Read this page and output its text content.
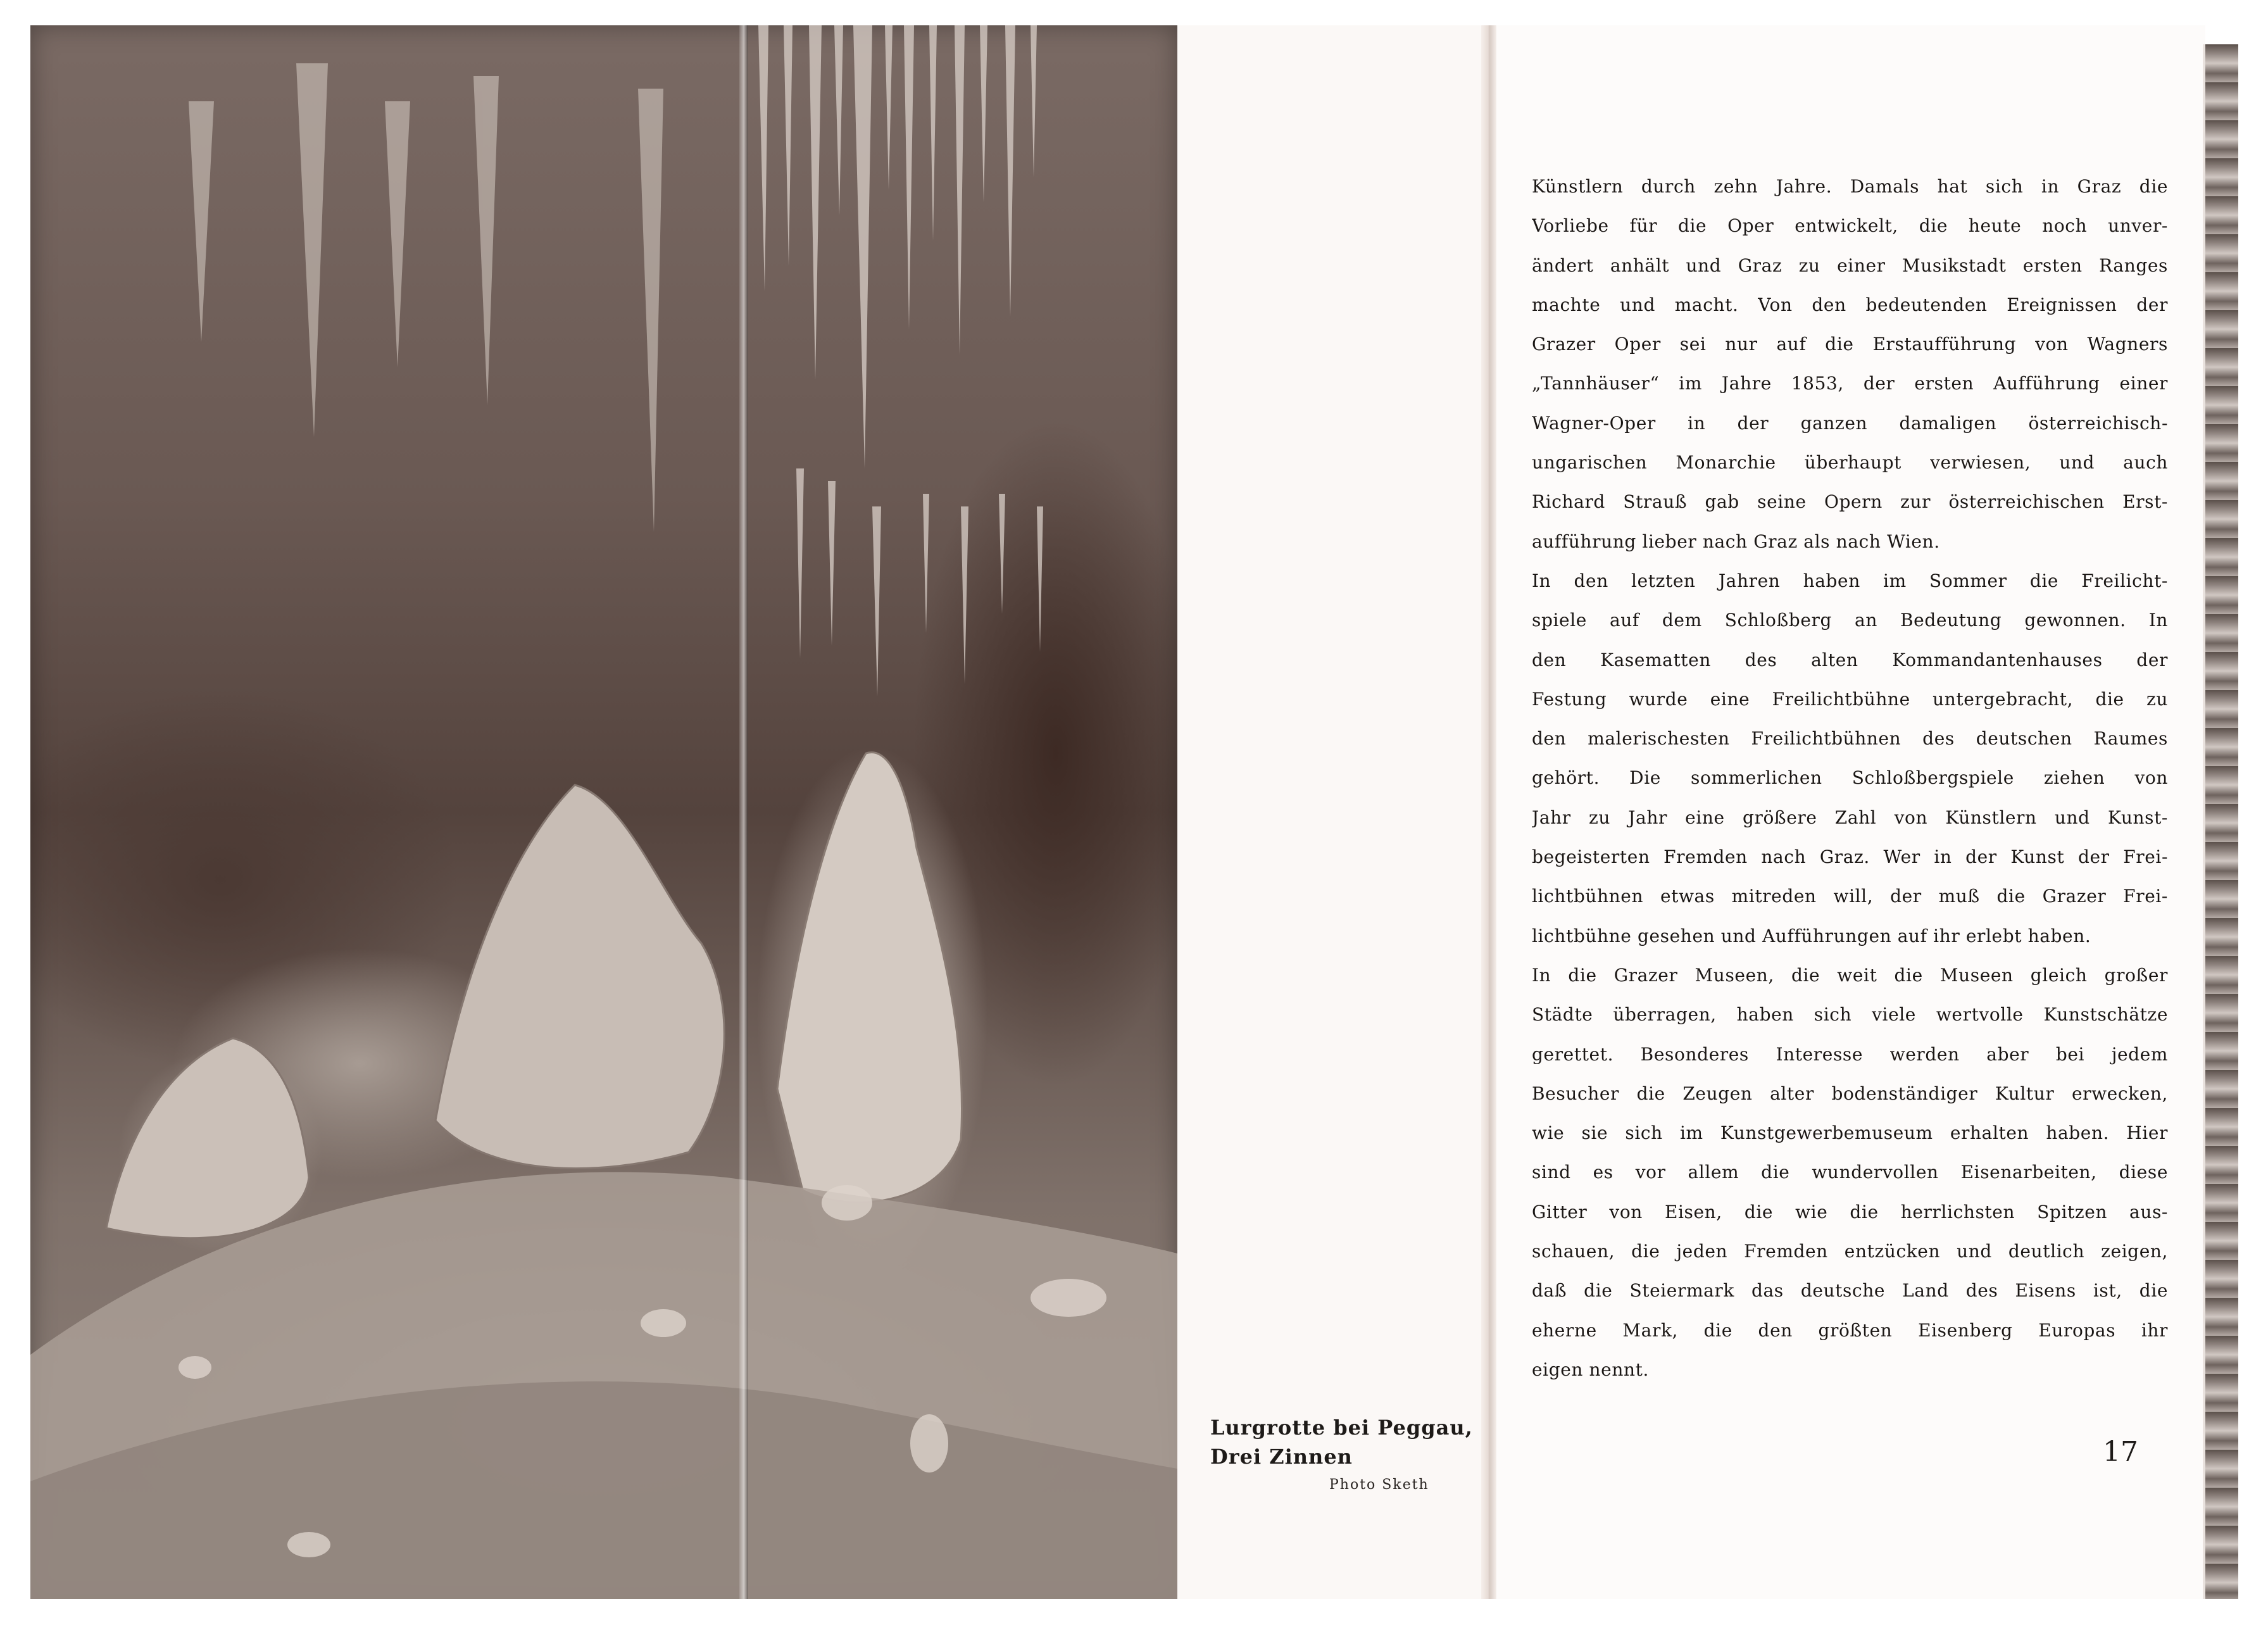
Lurgrotte bei Peggau,
Drei Zinnen
Photo Sketh
Künstlern durch zehn Jahre. Damals hat sich in Graz die
Vorliebe für die Oper entwickelt, die heute noch unver-
ändert anhält und Graz zu einer Musikstadt ersten Ranges
machte und macht. Von den bedeutenden Ereignissen der
Grazer Oper sei nur auf die Erstaufführung von Wagners
„Tannhäuser“ im Jahre 1853, der ersten Aufführung einer
Wagner-Oper in der ganzen damaligen österreichisch-
ungarischen Monarchie überhaupt verwiesen, und auch
Richard Strauß gab seine Opern zur österreichischen Erst-
aufführung lieber nach Graz als nach Wien.
In den letzten Jahren haben im Sommer die Freilicht-
spiele auf dem Schloßberg an Bedeutung gewonnen. In
den Kasematten des alten Kommandantenhauses der
Festung wurde eine Freilichtbühne untergebracht, die zu
den malerischesten Freilichtbühnen des deutschen Raumes
gehört. Die sommerlichen Schloßbergspiele ziehen von
Jahr zu Jahr eine größere Zahl von Künstlern und Kunst-
begeisterten Fremden nach Graz. Wer in der Kunst der Frei-
lichtbühnen etwas mitreden will, der muß die Grazer Frei-
lichtbühne gesehen und Aufführungen auf ihr erlebt haben.
In die Grazer Museen, die weit die Museen gleich großer
Städte überragen, haben sich viele wertvolle Kunstschätze
gerettet. Besonderes Interesse werden aber bei jedem
Besucher die Zeugen alter bodenständiger Kultur erwecken,
wie sie sich im Kunstgewerbemuseum erhalten haben. Hier
sind es vor allem die wundervollen Eisenarbeiten, diese
Gitter von Eisen, die wie die herrlichsten Spitzen aus-
schauen, die jeden Fremden entzücken und deutlich zeigen,
daß die Steiermark das deutsche Land des Eisens ist, die
eherne Mark, die den größten Eisenberg Europas ihr
eigen nennt.
17
